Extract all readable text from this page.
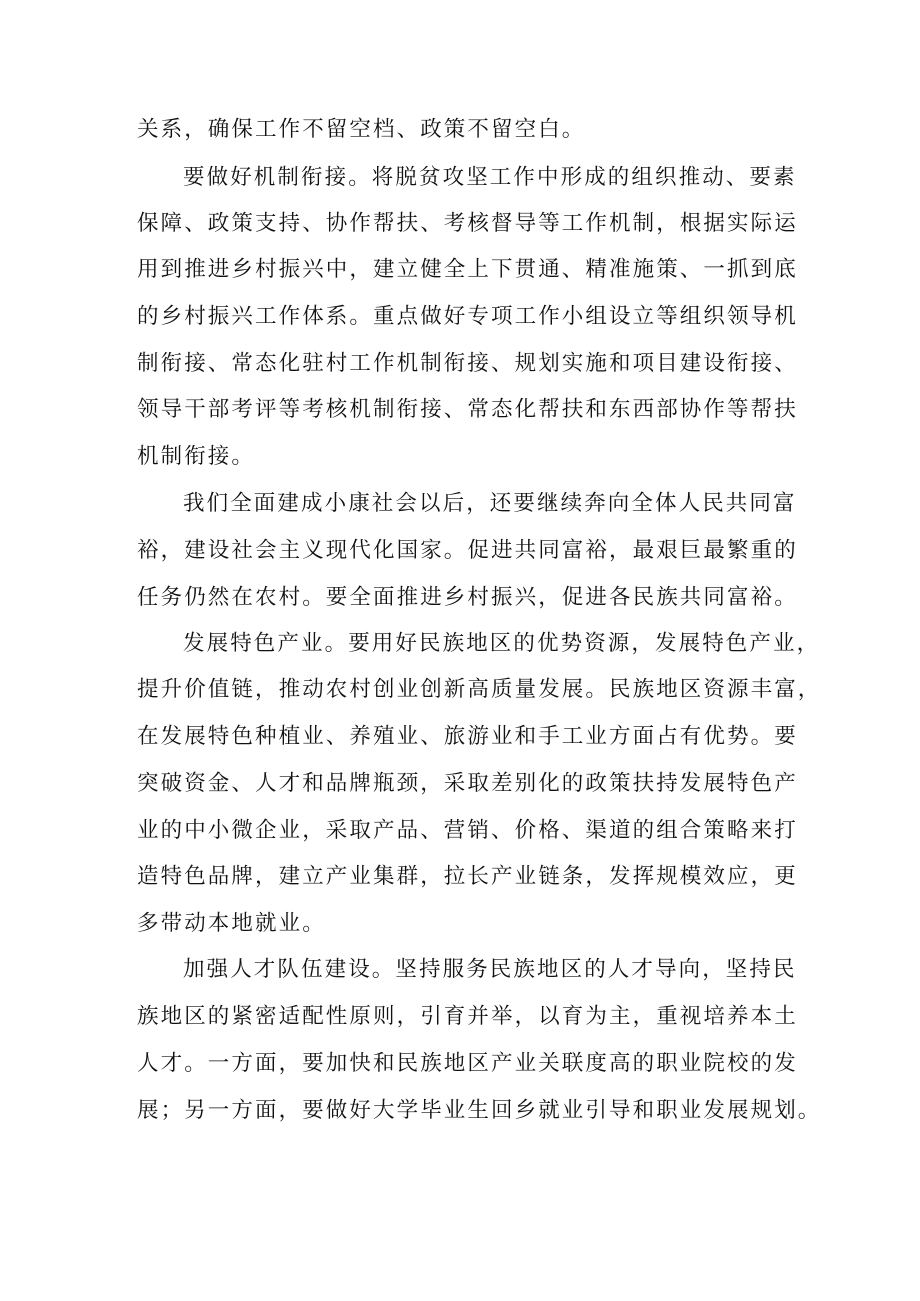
关系，确保工作不留空档、政策不留空白。
要做好机制衔接。将脱贫攻坚工作中形成的组织推动、要素
保障、政策支持、协作帮扶、考核督导等工作机制，根据实际运
用到推进乡村振兴中，建立健全上下贯通、精准施策、一抓到底
的乡村振兴工作体系。重点做好专项工作小组设立等组织领导机
制衔接、常态化驻村工作机制衔接、规划实施和项目建设衔接、
领导干部考评等考核机制衔接、常态化帮扶和东西部协作等帮扶
机制衔接。
我们全面建成小康社会以后，还要继续奔向全体人民共同富
裕，建设社会主义现代化国家。促进共同富裕，最艰巨最繁重的
任务仍然在农村。要全面推进乡村振兴，促进各民族共同富裕。
发展特色产业。要用好民族地区的优势资源，发展特色产业，
提升价值链，推动农村创业创新高质量发展。民族地区资源丰富，
在发展特色种植业、养殖业、旅游业和手工业方面占有优势。要
突破资金、人才和品牌瓶颈，采取差别化的政策扶持发展特色产
业的中小微企业，采取产品、营销、价格、渠道的组合策略来打
造特色品牌，建立产业集群，拉长产业链条，发挥规模效应，更
多带动本地就业。
加强人才队伍建设。坚持服务民族地区的人才导向，坚持民
族地区的紧密适配性原则，引育并举，以育为主，重视培养本土
人才。一方面，要加快和民族地区产业关联度高的职业院校的发
展；另一方面，要做好大学毕业生回乡就业引导和职业发展规划。
